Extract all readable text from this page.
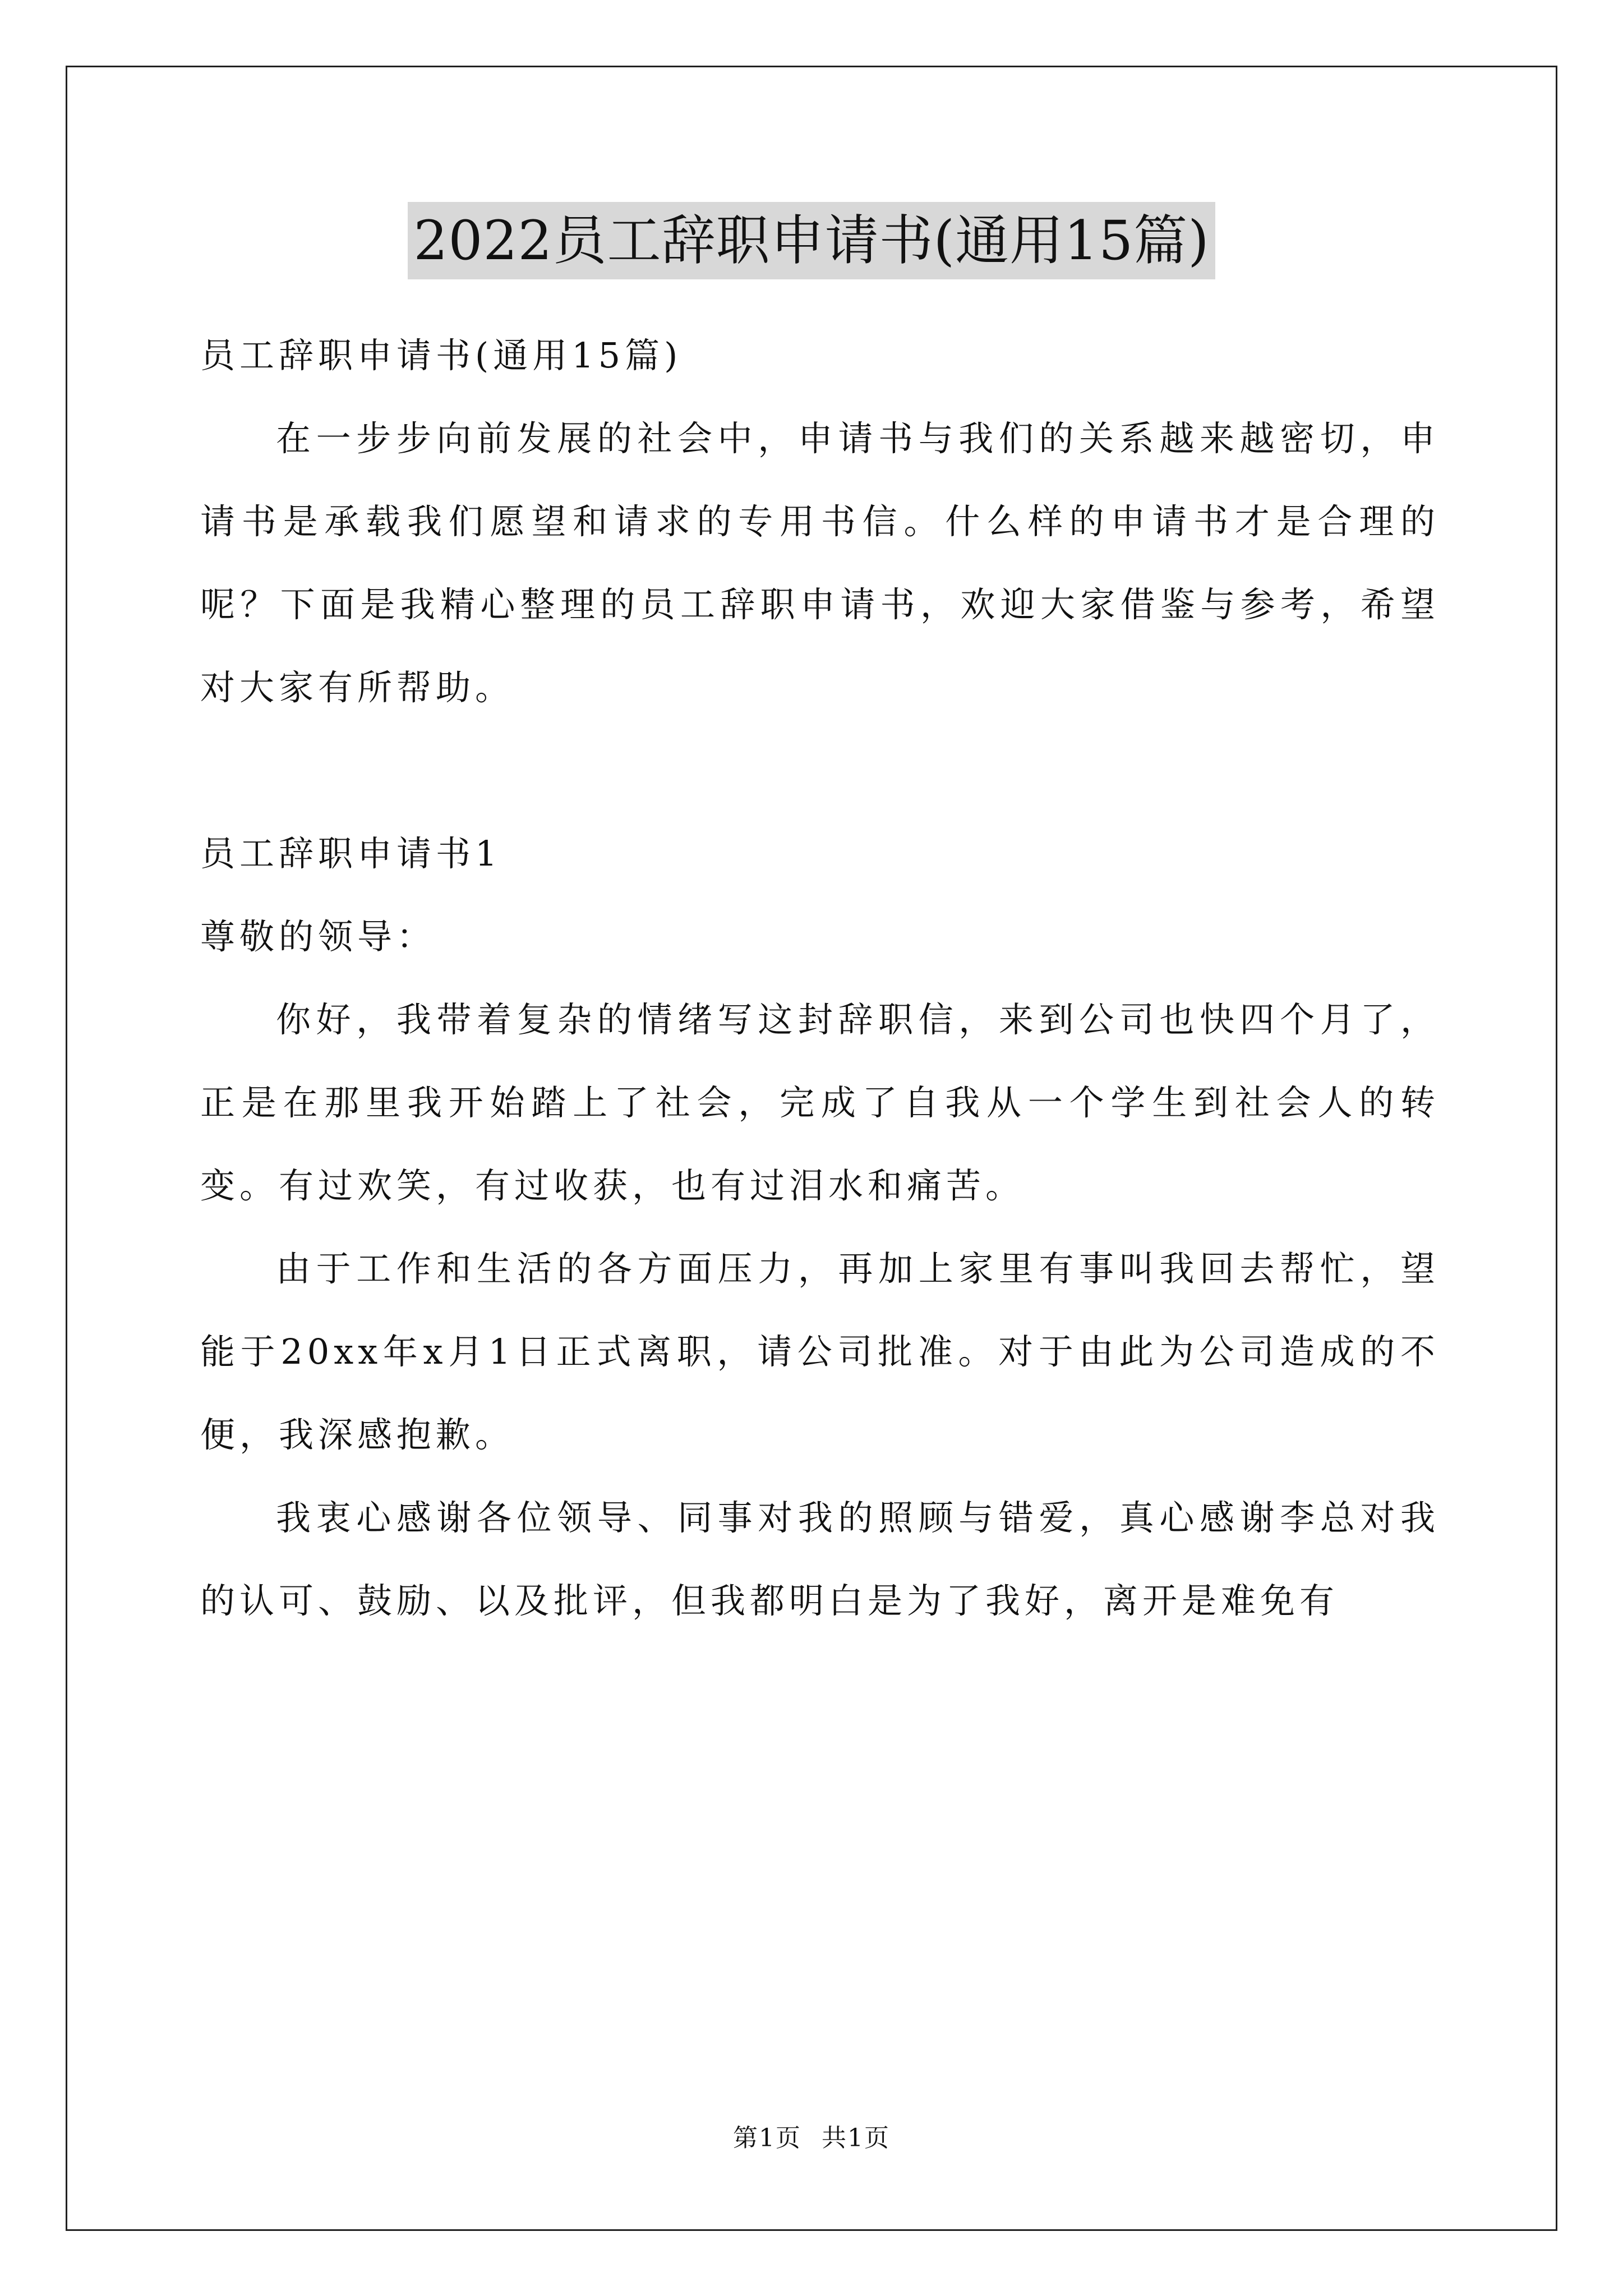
2022员工辞职申请书(通用15篇)

员工辞职申请书(通用15篇)

在一步步向前发展的社会中，申请书与我们的关系越来越密切，申请书是承载我们愿望和请求的专用书信。什么样的申请书才是合理的呢？下面是我精心整理的员工辞职申请书，欢迎大家借鉴与参考，希望对大家有所帮助。

员工辞职申请书1

尊敬的领导：

你好，我带着复杂的情绪写这封辞职信，来到公司也快四个月了，正是在那里我开始踏上了社会，完成了自我从一个学生到社会人的转变。有过欢笑，有过收获，也有过泪水和痛苦。

由于工作和生活的各方面压力，再加上家里有事叫我回去帮忙，望能于20xx年x月1日正式离职，请公司批准。对于由此为公司造成的不便，我深感抱歉。

我衷心感谢各位领导、同事对我的照顾与错爱，真心感谢李总对我的认可、鼓励、以及批评，但我都明白是为了我好，离开是难免有

第1页 共1页
